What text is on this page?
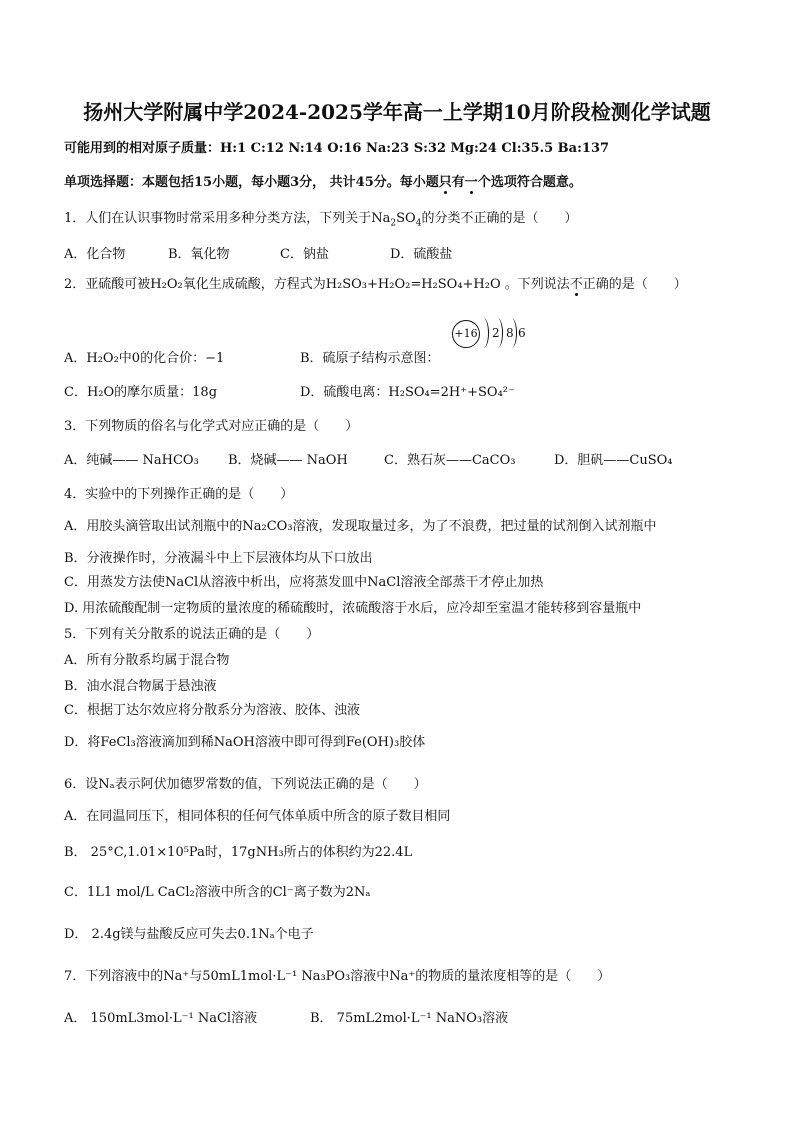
扬州大学附属中学2024-2025学年高一上学期10月阶段检测化学试题
可能用到的相对原子质量：H:1 C:12 N:14 O:16 Na:23 S:32 Mg:24 Cl:35.5 Ba:137
单项选择题：本题包括15小题，每小题3分， 共计45分。每小题只有一个选项符合题意。
1．人们在认识事物时常采用多种分类方法，下列关于$Na_2SO_4$的分类不正确的是（　　）
A．化合物	B．氧化物	C．钠盐	D．硫酸盐
2．亚硫酸可被H₂O₂氧化生成硫酸，方程式为H₂SO₃+H₂O₂=H₂SO₄+H₂O 。下列说法不正确的是（　　）
+16 2 8 6
A．H₂O₂中0的化合价：−1	B．硫原子结构示意图：
C．H₂O的摩尔质量：18g	D．硫酸电离：H₂SO₄=2H⁺+SO₄²⁻
3．下列物质的俗名与化学式对应正确的是（　　）
A．纯碱—— NaHCO₃ B．烧碱—— NaOH	C．熟石灰——CaCO₃	D．胆矾——CuSO₄
4．实验中的下列操作正确的是（　　）
A．用胶头滴管取出试剂瓶中的Na₂CO₃溶液，发现取量过多，为了不浪费，把过量的试剂倒入试剂瓶中
B．分液操作时，分液漏斗中上下层液体均从下口放出
C．用蒸发方法使NaCl从溶液中析出，应将蒸发皿中NaCl溶液全部蒸干才停止加热
D. 用浓硫酸配制一定物质的量浓度的稀硫酸时，浓硫酸溶于水后，应冷却至室温才能转移到容量瓶中
5．下列有关分散系的说法正确的是（　　）
A．所有分散系均属于混合物
B．油水混合物属于悬浊液
C．根据丁达尔效应将分散系分为溶液、胶体、浊液
D．将FeCl₃溶液滴加到稀NaOH溶液中即可得到Fe(OH)₃胶体
6．设Nₐ表示阿伏加德罗常数的值，下列说法正确的是（　　）
A．在同温同压下，相同体积的任何气体单质中所含的原子数目相同
B． 25°C,1.01×10⁵Pa时，17gNH₃所占的体积约为22.4L
C．1L1 mol/L CaCl₂溶液中所含的Cl⁻离子数为2Nₐ
D． 2.4g镁与盐酸反应可失去0.1Nₐ个电子
7．下列溶液中的Na⁺与50mL1mol·L⁻¹ Na₃PO₃溶液中Na⁺的物质的量浓度相等的是（　　）
A． 150mL3mol·L⁻¹ NaCl溶液	B． 75mL2mol·L⁻¹ NaNO₃溶液
